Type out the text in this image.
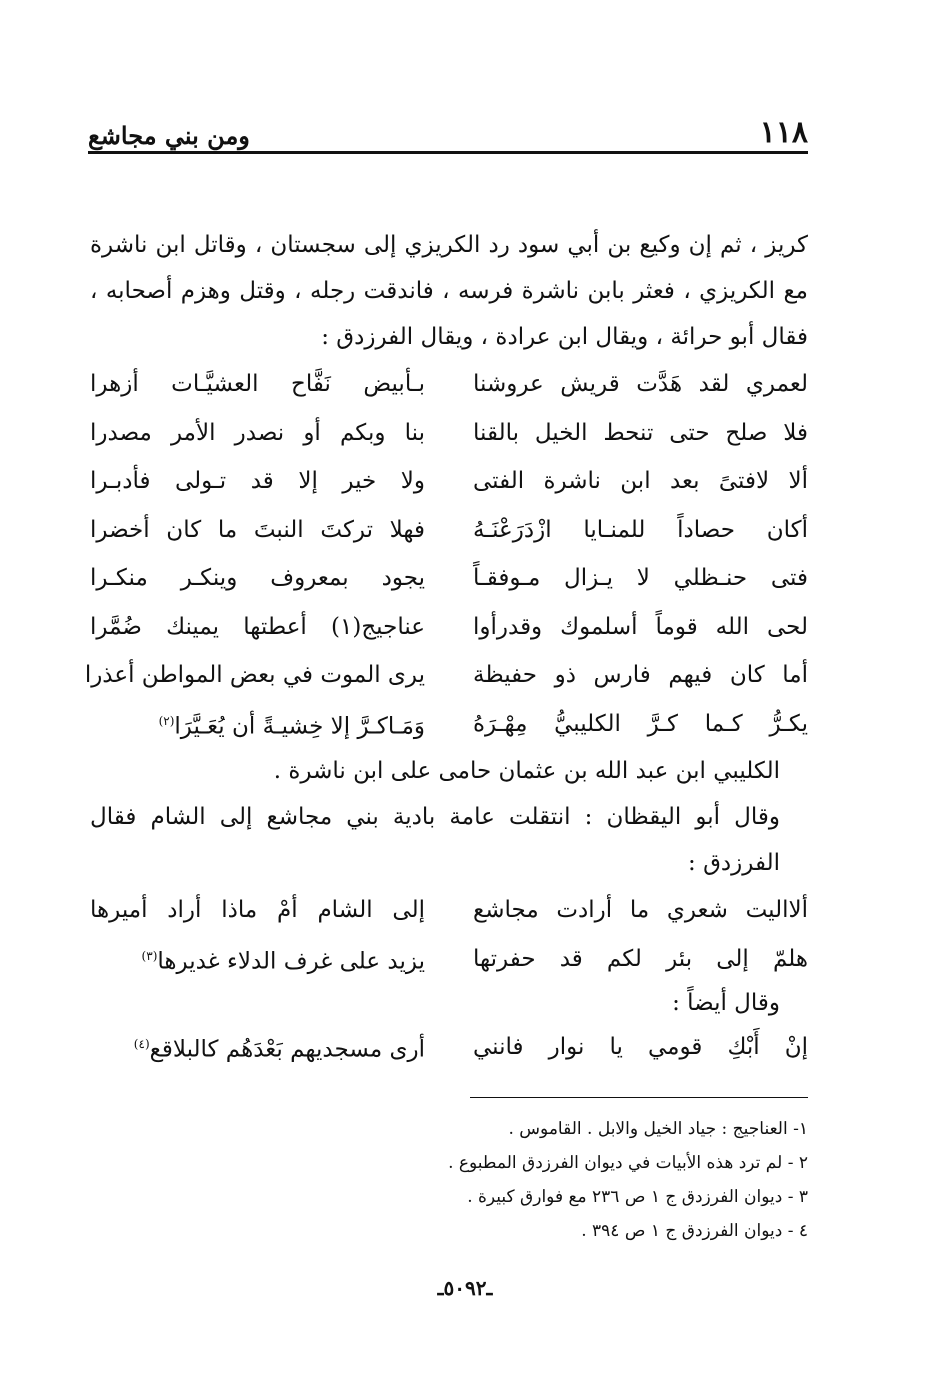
١١٨
ومن بني مجاشع

كريز ، ثم إن وكيع بن أبي سود رد الكريزي إلى سجستان ، وقاتل ابن ناشرة مع الكريزي ، فعثر بابن ناشرة فرسه ، فاندقت رجله ، وقتل وهزم أصحابه ، فقال أبو حرائة ، ويقال ابن عرادة ، ويقال الفرزدق :

لعمري لقد هَدَّت قريش عروشنا
بـأبيض نَفَّاح العشيَّـات أزهرا
فلا صلح حتى تنحط الخيل بالقنا
بنا وبكم أو نصدر الأمر مصدرا
ألا لافتىً بعد ابن ناشرة الفتى
ولا خير إلا قد تـولى فأدبـرا
أكان حصاداً للمنـايا ازْدَرَعْنَـهُ
فهلا تركتَ النبتَ ما كان أخضرا
فتى حنـظلي لا يـزال مـوفقـاً
يجود بمعروف وينكـر منكـرا
لحى الله قوماً أسلموك وقدرأوا
عناجيج(١) أعطتها يمينك ضُمَّرا
أما كان فيهم فارس ذو حفيظة
يرى الموت في بعض المواطن أعذرا
يكـرُّ كـما كـرَّ الكليبيُّ مِهْـرَهُ
وَمَـاكـرَّ إلا خِشيـةً أن يُعَـيَّرَا$^{(٢)}$

الكليبي ابن عبد الله بن عثمان حامى على ابن ناشرة .

وقال أبو اليقظان : انتقلت عامة بادية بني مجاشع إلى الشام فقال الفرزدق :

ألااليت شعري ما أرادت مجاشع
إلى الشام أمْ ماذا أراد أميرها
هلمّ إلى بئر لكم قد حفرتها
يزيد على غرف الدلاء غديرها$^{(٣)}$

وقال أيضاً :

إنْ أَبْكِ قومي يا نوار فانني
أرى مسجديهم بَعْدَهُم كالبلاقع$^{(٤)}$
١- العناجيج : جياد الخيل والابل . القاموس .
٢ - لم ترد هذه الأبيات في ديوان الفرزدق المطبوع .
٣ - ديوان الفرزدق ج ١ ص ٢٣٦ مع فوارق كبيرة .
٤ - ديوان الفرزدق ج ١ ص ٣٩٤ .
ـ٥٠٩٢ـ
